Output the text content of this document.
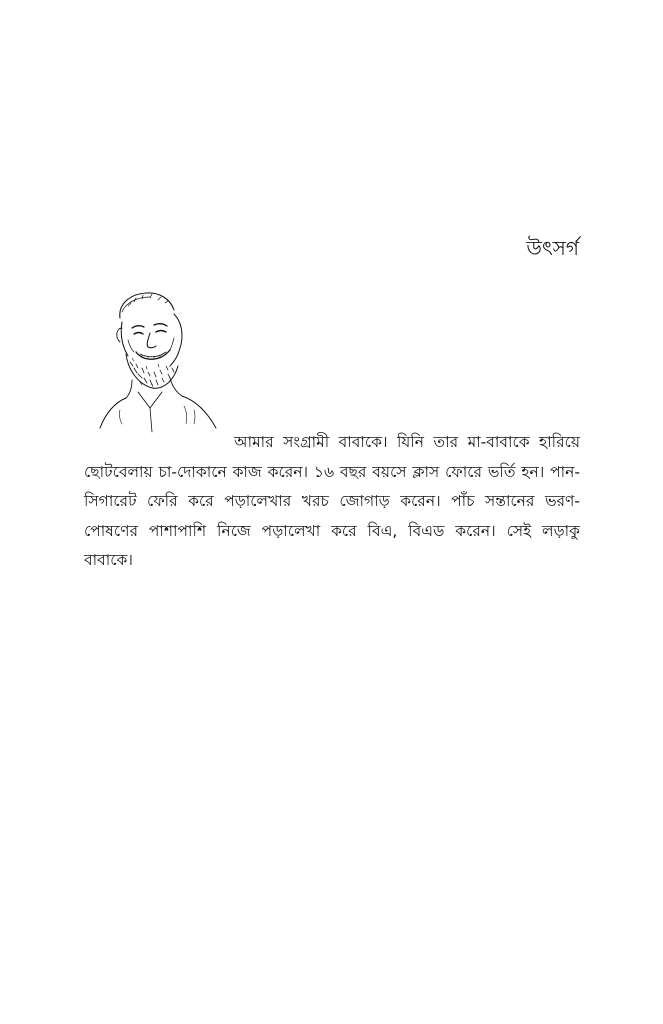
উৎসর্গ

আমার সংগ্রামী বাবাকে। যিনি তার মা-বাবাকে হারিয়ে ছোটবেলায় চা-দোকানে কাজ করেন। ১৬ বছর বয়সে ক্লাস ফোরে ভর্তি হন। পান-সিগারেট ফেরি করে পড়ালেখার খরচ জোগাড় করেন। পাঁচ সন্তানের ভরণ-পোষণের পাশাপাশি নিজে পড়ালেখা করে বিএ, বিএড করেন। সেই লড়াকু বাবাকে।
